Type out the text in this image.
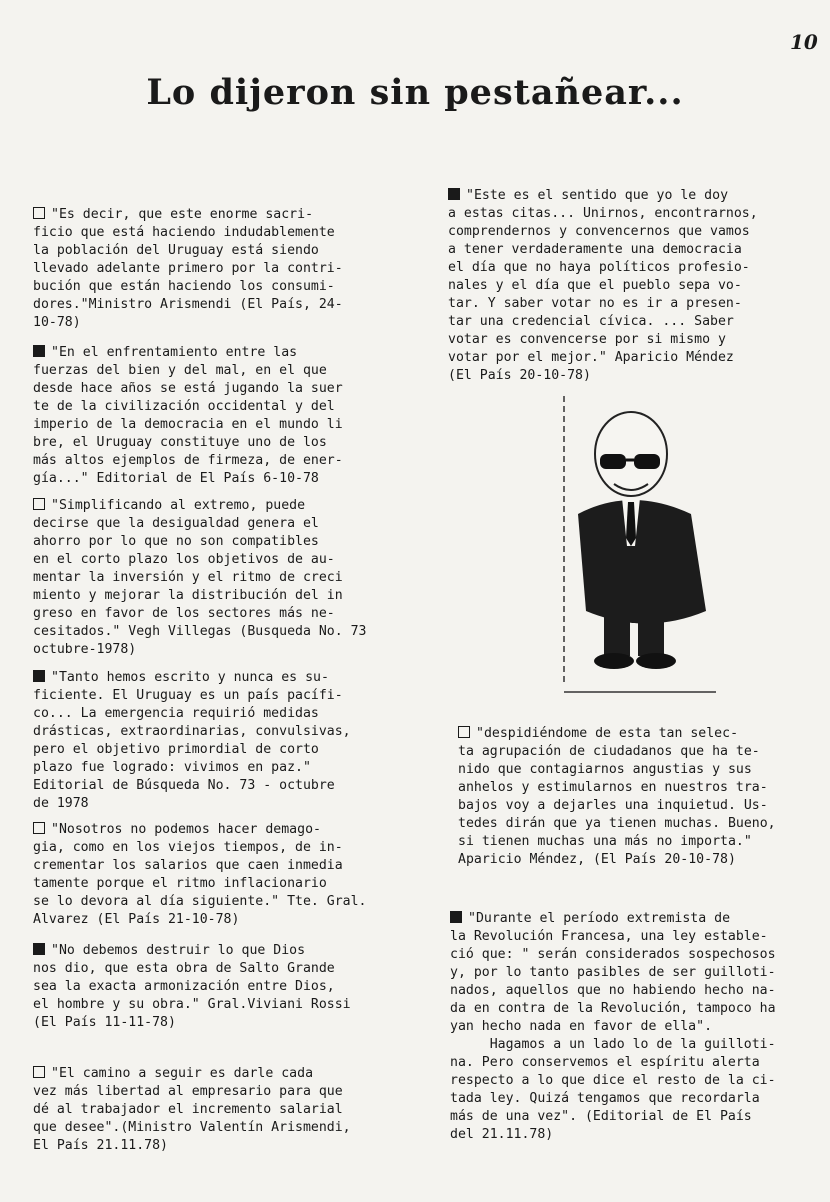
10
Lo dijeron sin pestañear...
"Es decir, que este enorme sacri-
ficio que está haciendo indudablemente
la población del Uruguay está siendo
llevado adelante primero por la contri-
bución que están haciendo los consumi-
dores."Ministro Arismendi (El País, 24-
10-78)
"En el enfrentamiento entre las
fuerzas del bien y del mal, en el que
desde hace años se está jugando la suer
te de la civilización occidental y del
imperio de la democracia en el mundo li
bre, el Uruguay constituye uno de los
más altos ejemplos de firmeza, de ener-
gía..." Editorial de El País 6-10-78
"Simplificando al extremo, puede
decirse que la desigualdad genera el
ahorro por lo que no son compatibles
en el corto plazo los objetivos de au-
mentar la inversión y el ritmo de creci
miento y mejorar la distribución del in
greso en favor de los sectores más ne-
cesitados." Vegh Villegas (Busqueda No. 73
octubre-1978)
"Tanto hemos escrito y nunca es su-
ficiente. El Uruguay es un país pacífi-
co... La emergencia requirió medidas
drásticas, extraordinarias, convulsivas,
pero el objetivo primordial de corto
plazo fue logrado: vivimos en paz."
Editorial de Búsqueda No. 73 - octubre
de 1978
"Nosotros no podemos hacer demago-
gia, como en los viejos tiempos, de in-
crementar los salarios que caen inmedia
tamente porque el ritmo inflacionario
se lo devora al día siguiente." Tte. Gral.
Alvarez (El País 21-10-78)
"No debemos destruir lo que Dios
nos dio, que esta obra de Salto Grande
sea la exacta armonización entre Dios,
el hombre y su obra." Gral.Viviani Rossi
(El País 11-11-78)
"El camino a seguir es darle cada
vez más libertad al empresario para que
dé al trabajador el incremento salarial
que desee".(Ministro Valentín Arismendi,
El País 21.11.78)
"Este es el sentido que yo le doy
a estas citas... Unirnos, encontrarnos,
comprendernos y convencernos que vamos
a tener verdaderamente una democracia
el día que no haya políticos profesio-
nales y el día que el pueblo sepa vo-
tar. Y saber votar no es ir a presen-
tar una credencial cívica. ... Saber
votar es convencerse por si mismo y
votar por el mejor." Aparicio Méndez
(El País 20-10-78)
"despidiéndome de esta tan selec-
ta agrupación de ciudadanos que ha te-
nido que contagiarnos angustias y sus
anhelos y estimularnos en nuestros tra-
bajos voy a dejarles una inquietud. Us-
tedes dirán que ya tienen muchas. Bueno,
si tienen muchas una más no importa."
Aparicio Méndez, (El País 20-10-78)
"Durante el período extremista de
la Revolución Francesa, una ley estable-
ció que: " serán considerados sospechosos
y, por lo tanto pasibles de ser guilloti-
nados, aquellos que no habiendo hecho na-
da en contra de la Revolución, tampoco ha
yan hecho nada en favor de ella".
Hagamos a un lado lo de la guilloti-
na. Pero conservemos el espíritu alerta
respecto a lo que dice el resto de la ci-
tada ley. Quizá tengamos que recordarla
más de una vez". (Editorial de El País
del 21.11.78)
